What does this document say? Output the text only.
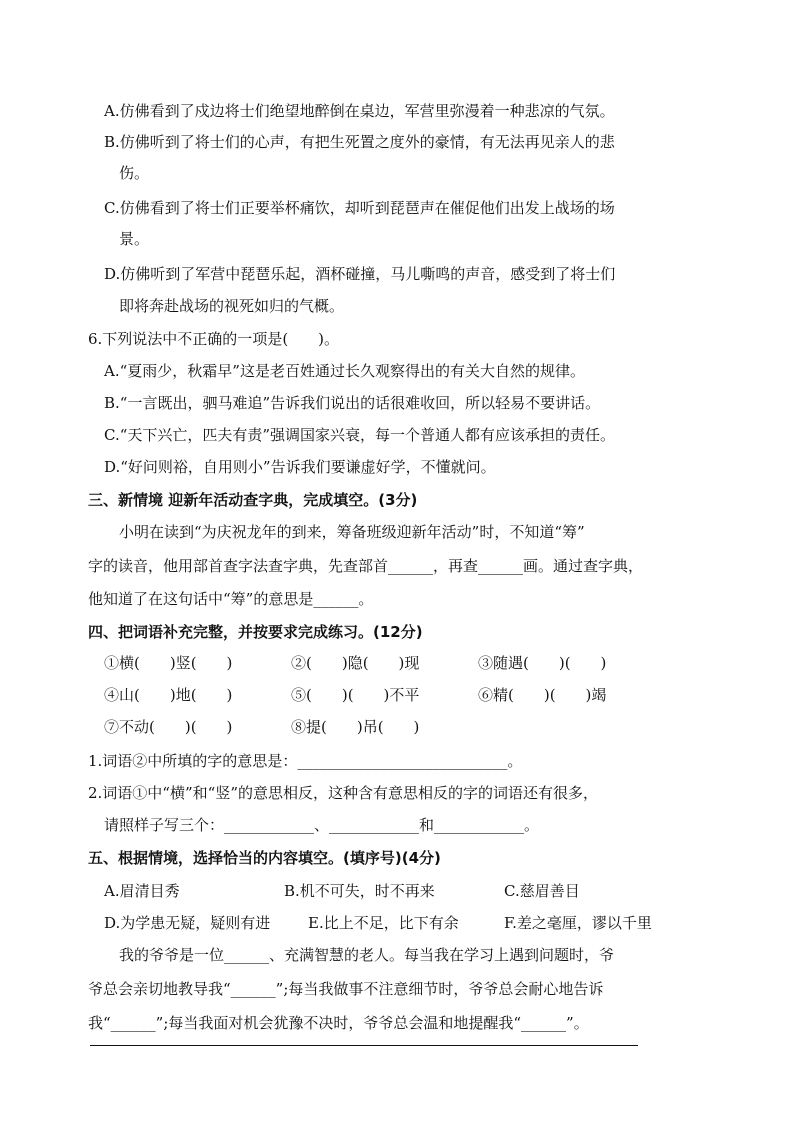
A.仿佛看到了戍边将士们绝望地醉倒在桌边，军营里弥漫着一种悲凉的气氛。
B.仿佛听到了将士们的心声，有把生死置之度外的豪情，有无法再见亲人的悲
伤。
C.仿佛看到了将士们正要举杯痛饮，却听到琵琶声在催促他们出发上战场的场
景。
D.仿佛听到了军营中琵琶乐起，酒杯碰撞，马儿嘶鸣的声音，感受到了将士们
即将奔赴战场的视死如归的气概。
6.下列说法中不正确的一项是(　　)。
A.“夏雨少，秋霜早”这是老百姓通过长久观察得出的有关大自然的规律。
B.“一言既出，驷马难追”告诉我们说出的话很难收回，所以轻易不要讲话。
C.“天下兴亡，匹夫有责”强调国家兴衰，每一个普通人都有应该承担的责任。
D.“好问则裕，自用则小”告诉我们要谦虚好学，不懂就问。
三、新情境 迎新年活动查字典，完成填空。(3分)
小明在读到“为庆祝龙年的到来，筹备班级迎新年活动”时，不知道“筹”
字的读音，他用部首查字法查字典，先查部首______，再查______画。通过查字典，
他知道了在这句话中“筹”的意思是______。
四、把词语补充完整，并按要求完成练习。(12分)
①横(　　)竖(　　)	②(　　)隐(　　)现	③随遇(　　)(　　)
④山(　　)地(　　)	⑤(　　)(　　)不平	⑥精(　　)(　　)竭
⑦不动(　　)(　　)	⑧提(　　)吊(　　)
1.词语②中所填的字的意思是：____________________________。
2.词语①中“横”和“竖”的意思相反，这种含有意思相反的字的词语还有很多，
请照样子写三个：____________、____________和____________。
五、根据情境，选择恰当的内容填空。(填序号)(4分)
A.眉清目秀	B.机不可失，时不再来	C.慈眉善目
D.为学患无疑，疑则有进	E.比上不足，比下有余	F.差之毫厘，谬以千里
我的爷爷是一位______、充满智慧的老人。每当我在学习上遇到问题时，爷
爷总会亲切地教导我“______”;每当我做事不注意细节时，爷爷总会耐心地告诉
我“______”;每当我面对机会犹豫不决时，爷爷总会温和地提醒我“______”。
